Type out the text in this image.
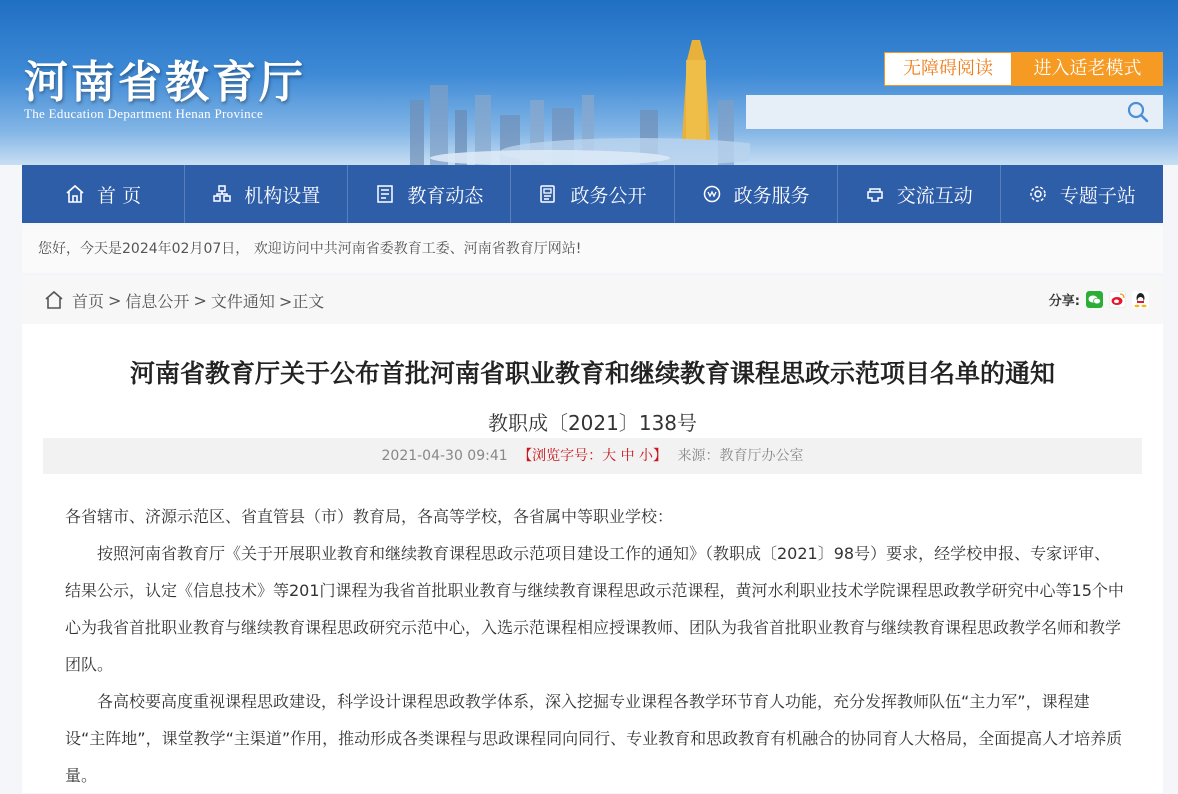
河南省教育厅
The Education Department Henan Province
无障碍阅读	进入适老模式
首 页	机构设置	教育动态	政务公开	政务服务	交流互动	专题子站
您好，今天是2024年02月07日， 欢迎访问中共河南省委教育工委、河南省教育厅网站!
首页 > 信息公开 > 文件通知 >正文	分享:
河南省教育厅关于公布首批河南省职业教育和继续教育课程思政示范项目名单的通知
教职成〔2021〕138号
2021-04-30 09:41 【浏览字号：大 中 小】 来源：教育厅办公室

各省辖市、济源示范区、省直管县（市）教育局，各高等学校，各省属中等职业学校：

按照河南省教育厅《关于开展职业教育和继续教育课程思政示范项目建设工作的通知》（教职成〔2021〕98号）要求，经学校申报、专家评审、结果公示，认定《信息技术》等201门课程为我省首批职业教育与继续教育课程思政示范课程，黄河水利职业技术学院课程思政教学研究中心等15个中心为我省首批职业教育与继续教育课程思政研究示范中心，入选示范课程相应授课教师、团队为我省首批职业教育与继续教育课程思政教学名师和教学团队。

各高校要高度重视课程思政建设，科学设计课程思政教学体系，深入挖掘专业课程各教学环节育人功能，充分发挥教师队伍“主力军”，课程建设“主阵地”，课堂教学“主渠道”作用，推动形成各类课程与思政课程同向同行、专业教育和思政教育有机融合的协同育人大格局，全面提高人才培养质量。
